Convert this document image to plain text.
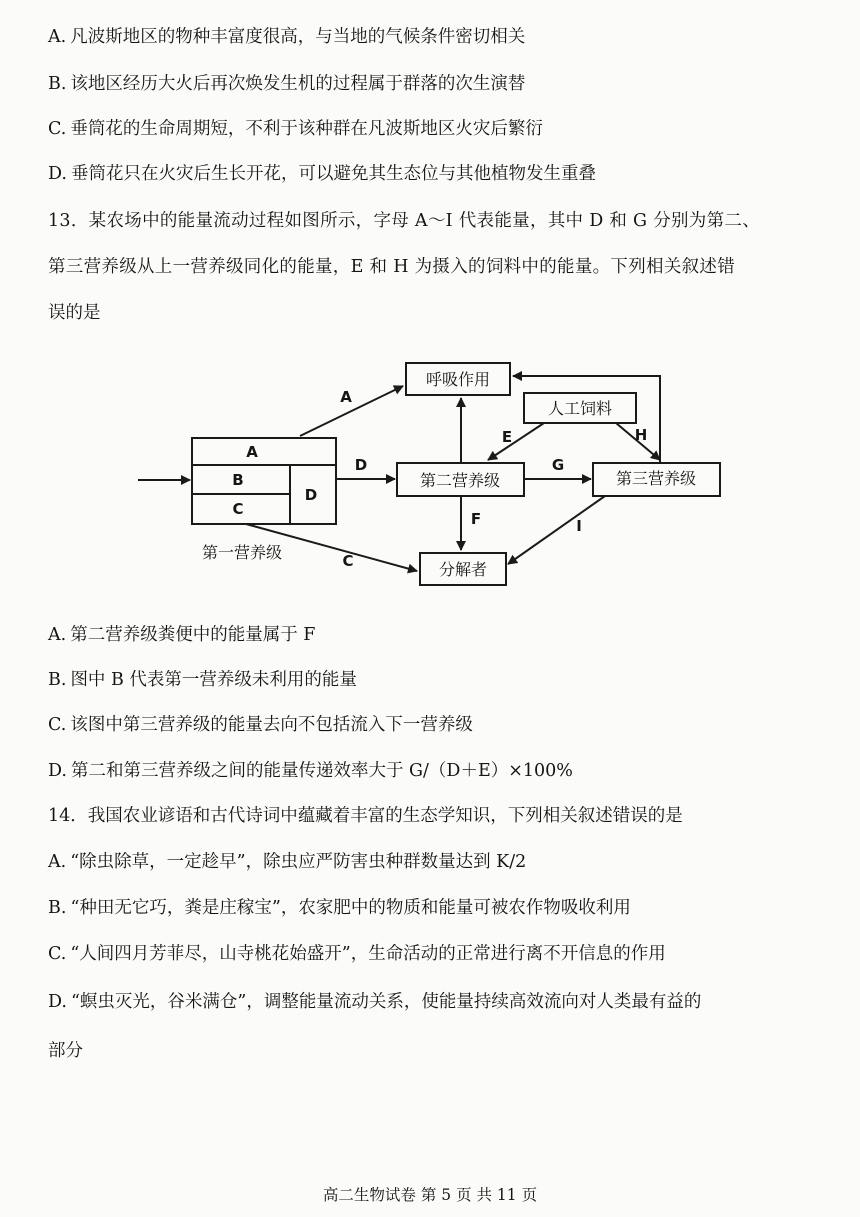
A. 凡波斯地区的物种丰富度很高，与当地的气候条件密切相关
B. 该地区经历大火后再次焕发生机的过程属于群落的次生演替
C. 垂筒花的生命周期短，不利于该种群在凡波斯地区火灾后繁衍
D. 垂筒花只在火灾后生长开花，可以避免其生态位与其他植物发生重叠
13．某农场中的能量流动过程如图所示，字母 A～I 代表能量，其中 D 和 G 分别为第二、
第三营养级从上一营养级同化的能量，E 和 H 为摄入的饲料中的能量。下列相关叙述错
误的是
呼吸作用
人工饲料
第二营养级	第三营养级
分解者
第一营养级
A
B
C
D
A
D	G
E	H
F
C
I
A. 第二营养级粪便中的能量属于 F
B. 图中 B 代表第一营养级未利用的能量
C. 该图中第三营养级的能量去向不包括流入下一营养级
D. 第二和第三营养级之间的能量传递效率大于 G/（D＋E）×100%
14．我国农业谚语和古代诗词中蕴藏着丰富的生态学知识，下列相关叙述错误的是
A. “除虫除草，一定趁早”，除虫应严防害虫种群数量达到 K/2
B. “种田无它巧，粪是庄稼宝”，农家肥中的物质和能量可被农作物吸收利用
C. “人间四月芳菲尽，山寺桃花始盛开”，生命活动的正常进行离不开信息的作用
D. “螟虫灭光，谷米满仓”，调整能量流动关系，使能量持续高效流向对人类最有益的
部分
高二生物试卷 第 5 页 共 11 页
